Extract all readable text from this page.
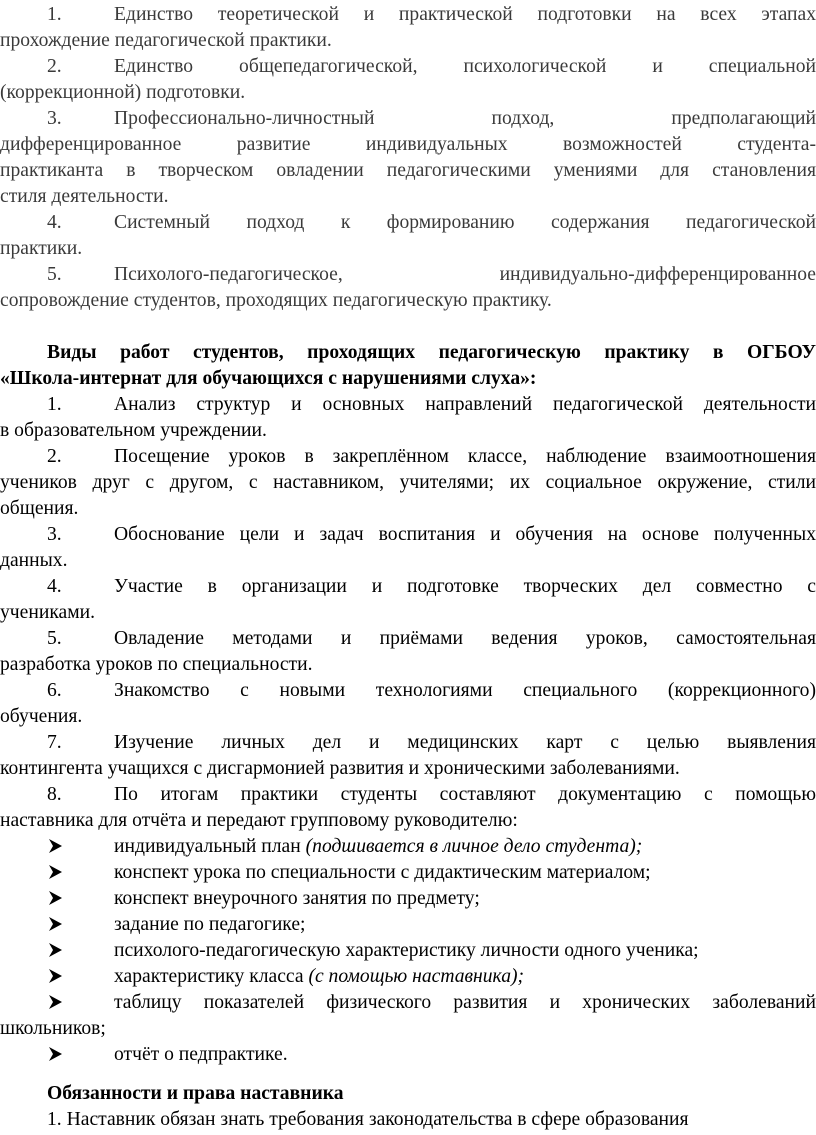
1.	Единство теоретической и практической подготовки на всех этапах

прохождение педагогической практики.

2.	Единство общепедагогической, психологической и специальной

(коррекционной) подготовки.

3.	Профессионально-личностный подход, предполагающий

дифференцированное развитие индивидуальных возможностей студента-

практиканта в творческом овладении педагогическими умениями для становления

стиля деятельности.

4.	Системный подход к формированию содержания педагогической

практики.

5.	Психолого-педагогическое, индивидуально-дифференцированное

сопровождение студентов, проходящих педагогическую практику.

Виды работ студентов, проходящих педагогическую практику в ОГБОУ

«Школа-интернат для обучающихся с нарушениями слуха»:

1.	Анализ структур и основных направлений педагогической деятельности

в образовательном учреждении.

2.	Посещение уроков в закреплённом классе, наблюдение взаимоотношения

учеников друг с другом, с наставником, учителями; их социальное окружение, стили

общения.

3.	Обоснование цели и задач воспитания и обучения на основе полученных

данных.

4.	Участие в организации и подготовке творческих дел совместно с

учениками.

5.	Овладение методами и приёмами ведения уроков, самостоятельная

разработка уроков по специальности.

6.	Знакомство с новыми технологиями специального (коррекционного)

обучения.

7.	Изучение личных дел и медицинских карт с целью выявления

контингента учащихся с дисгармонией развития и хроническими заболеваниями.

8.	По итогам практики студенты составляют документацию с помощью

наставника для отчёта и передают групповому руководителю:

индивидуальный план (подшивается в личное дело студента);

конспект урока по специальности с дидактическим материалом;

конспект внеурочного занятия по предмету;

задание по педагогике;

психолого-педагогическую характеристику личности одного ученика;

характеристику класса (с помощью наставника);

таблицу показателей физического развития и хронических заболеваний

школьников;

отчёт о педпрактике.

Обязанности и права наставника

1. Наставник обязан знать требования законодательства в сфере образования
